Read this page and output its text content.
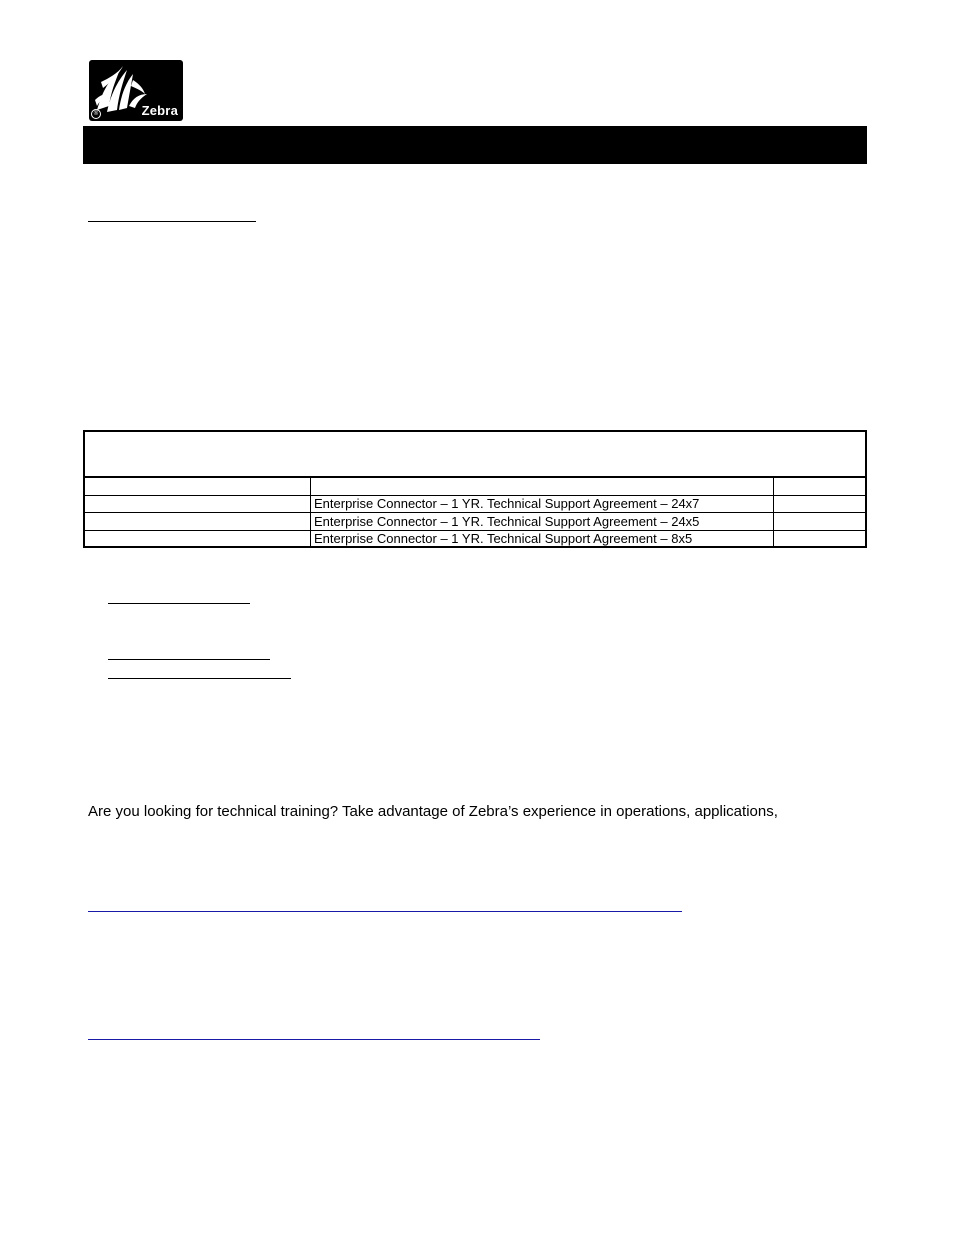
Zebra
®
Enterprise Connector – 1 YR. Technical Support Agreement – 24x7
Enterprise Connector – 1 YR. Technical Support Agreement – 24x5
Enterprise Connector – 1 YR. Technical Support Agreement – 8x5
Are you looking for technical training? Take advantage of Zebra’s experience in operations, applications,
